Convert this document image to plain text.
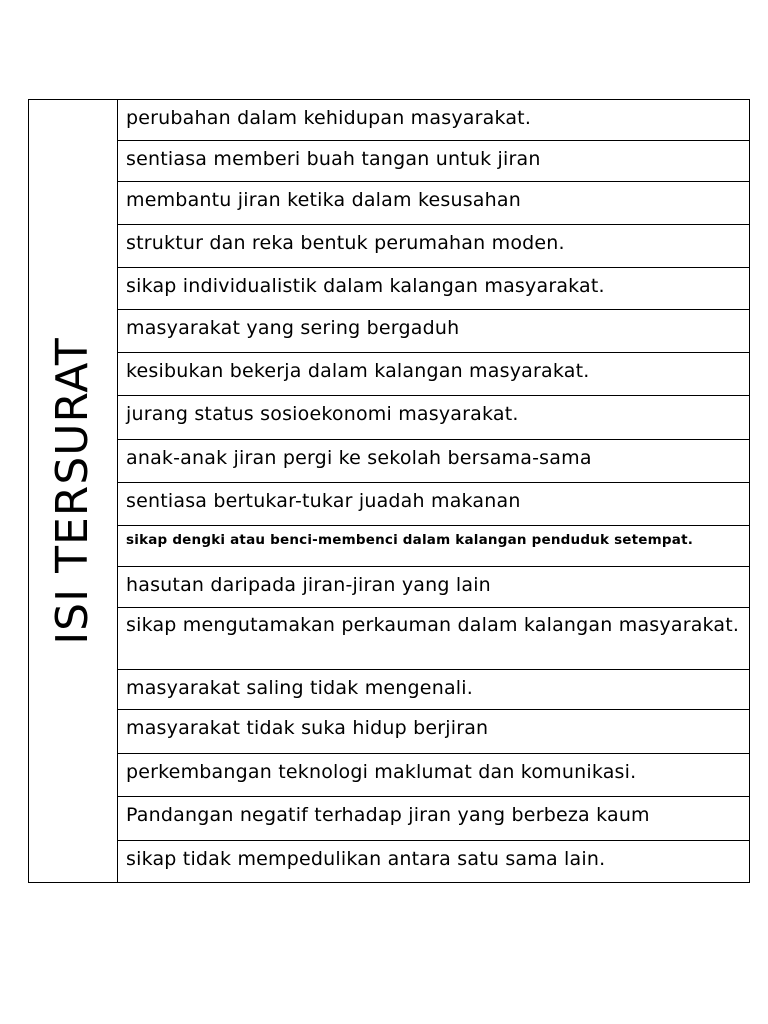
ISI TERSURAT
perubahan dalam kehidupan masyarakat.
sentiasa memberi buah tangan untuk jiran
membantu jiran ketika dalam kesusahan
struktur dan reka bentuk perumahan moden.
sikap individualistik dalam kalangan masyarakat.
masyarakat yang sering bergaduh
kesibukan bekerja dalam kalangan masyarakat.
jurang status sosioekonomi masyarakat.
anak-anak jiran pergi ke sekolah bersama-sama
sentiasa bertukar-tukar juadah makanan
sikap dengki atau benci-membenci dalam kalangan penduduk setempat.
hasutan daripada jiran-jiran yang lain
sikap mengutamakan perkauman dalam kalangan masyarakat.
masyarakat saling tidak mengenali.
masyarakat tidak suka hidup berjiran
perkembangan teknologi maklumat dan komunikasi.
Pandangan negatif terhadap jiran yang berbeza kaum
sikap tidak mempedulikan antara satu sama lain.
